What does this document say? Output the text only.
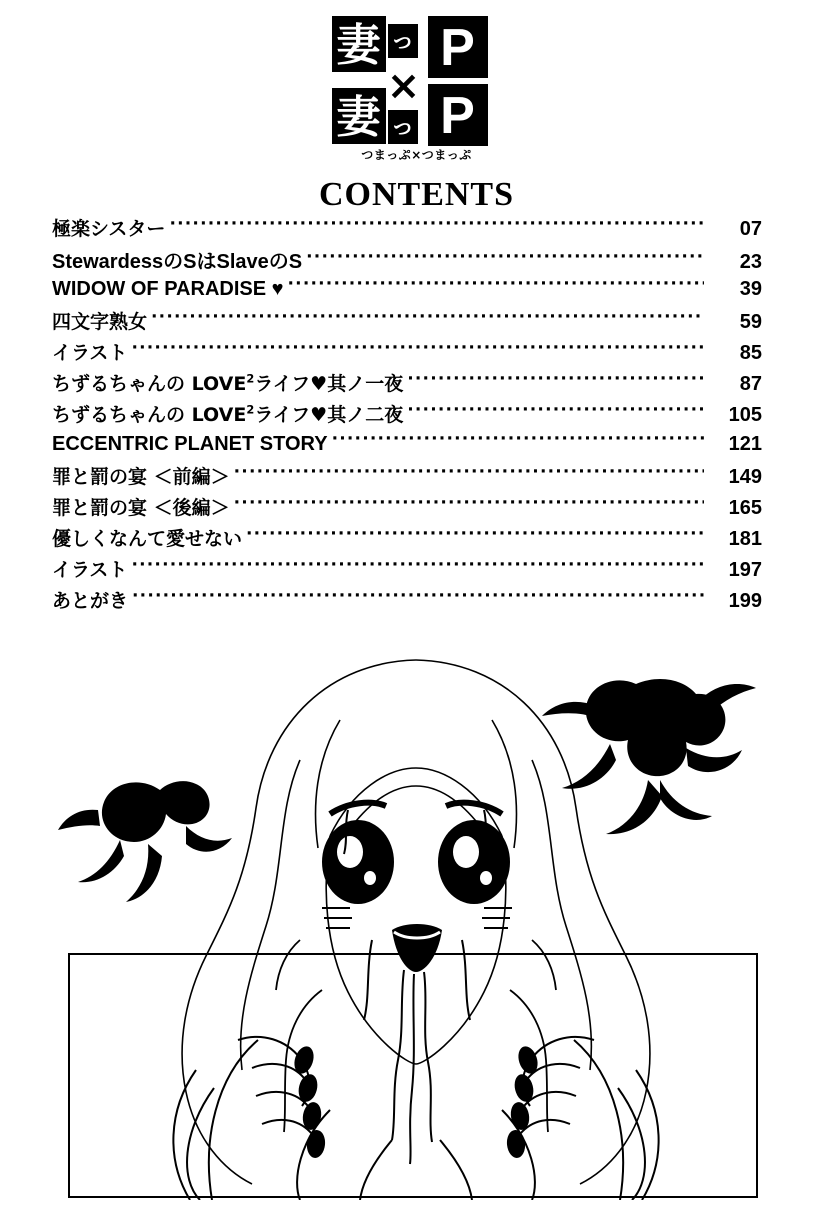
妻 っ P
×
妻 っ P
つまっぷ×つまっぷ
CONTENTS
極楽シスター ·····	07
StewardessのSはSlaveのS ·····	23
WIDOW OF PARADISE ♥ ·····	39
四文字熟女 ·····	59
イラスト ·····	85
ちずるちゃんの LOVE$^2$ライフ♥其ノ一夜 ·····	87
ちずるちゃんの LOVE$^2$ライフ♥其ノ二夜 ·····	105
ECCENTRIC PLANET STORY ·····	121
罪と罰の宴 ＜前編＞ ·····	149
罪と罰の宴 ＜後編＞ ·····	165
優しくなんて愛せない ·····	181
イラスト ·····	197
あとがき ·····	199
